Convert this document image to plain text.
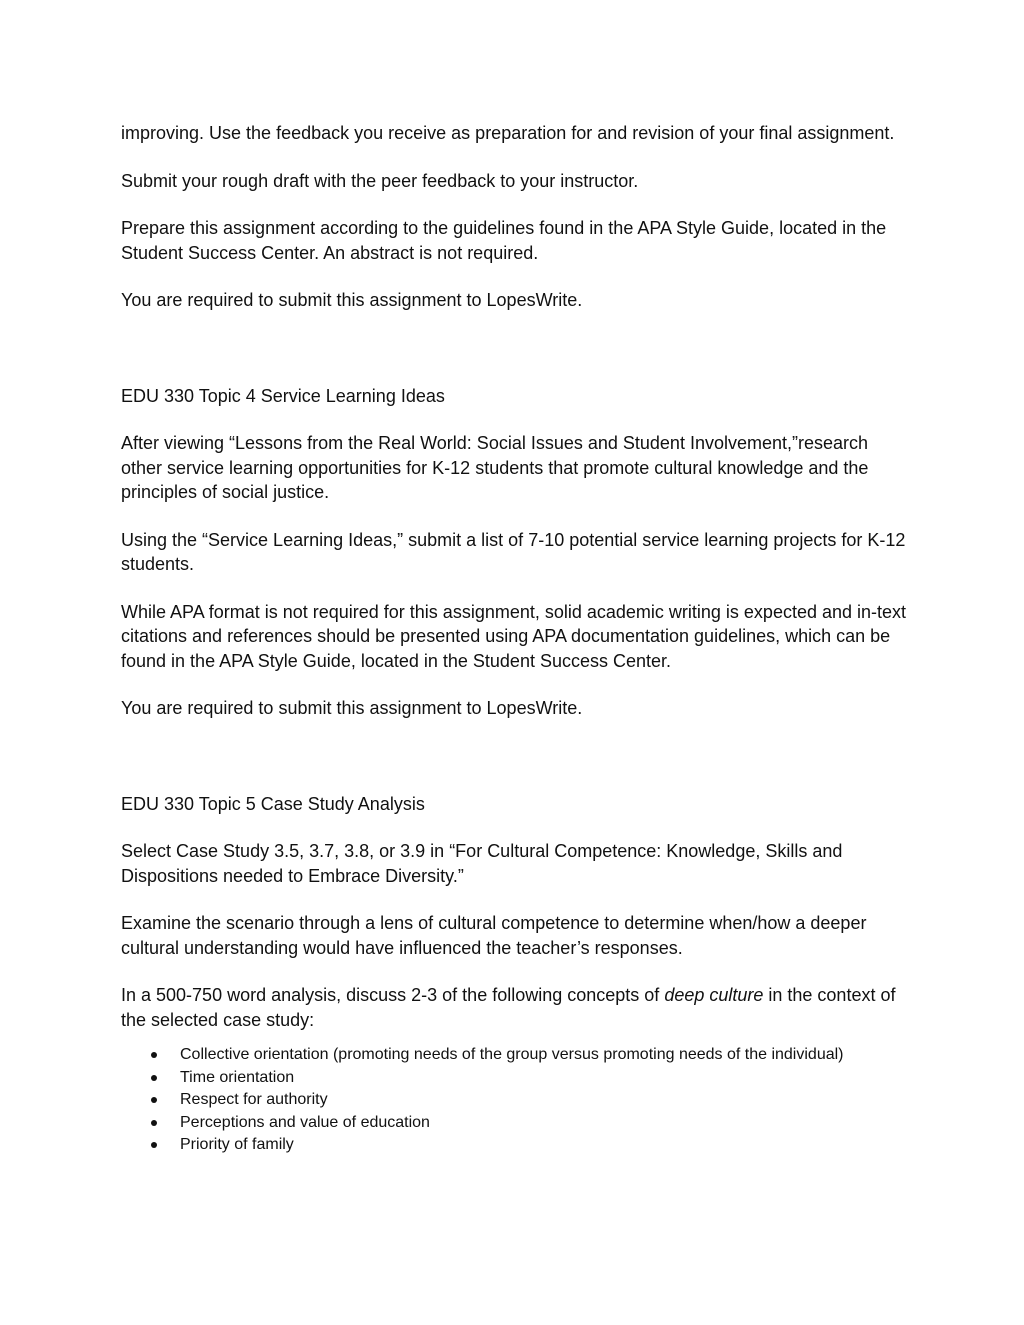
improving. Use the feedback you receive as preparation for and revision of your final assignment.

Submit your rough draft with the peer feedback to your instructor.

Prepare this assignment according to the guidelines found in the APA Style Guide, located in the Student Success Center. An abstract is not required.

You are required to submit this assignment to LopesWrite.

EDU 330 Topic 4 Service Learning Ideas

After viewing “Lessons from the Real World: Social Issues and Student Involvement,”research other service learning opportunities for K-12 students that promote cultural knowledge and the principles of social justice.

Using the “Service Learning Ideas,” submit a list of 7-10 potential service learning projects for K-12 students.

While APA format is not required for this assignment, solid academic writing is expected and in-text citations and references should be presented using APA documentation guidelines, which can be found in the APA Style Guide, located in the Student Success Center.

You are required to submit this assignment to LopesWrite.

EDU 330 Topic 5 Case Study Analysis

Select Case Study 3.5, 3.7, 3.8, or 3.9 in “For Cultural Competence: Knowledge, Skills and Dispositions needed to Embrace Diversity.”

Examine the scenario through a lens of cultural competence to determine when/how a deeper cultural understanding would have influenced the teacher’s responses.

In a 500-750 word analysis, discuss 2-3 of the following concepts of deep culture in the context of the selected case study:

Collective orientation (promoting needs of the group versus promoting needs of the individual)
Time orientation
Respect for authority
Perceptions and value of education
Priority of family
